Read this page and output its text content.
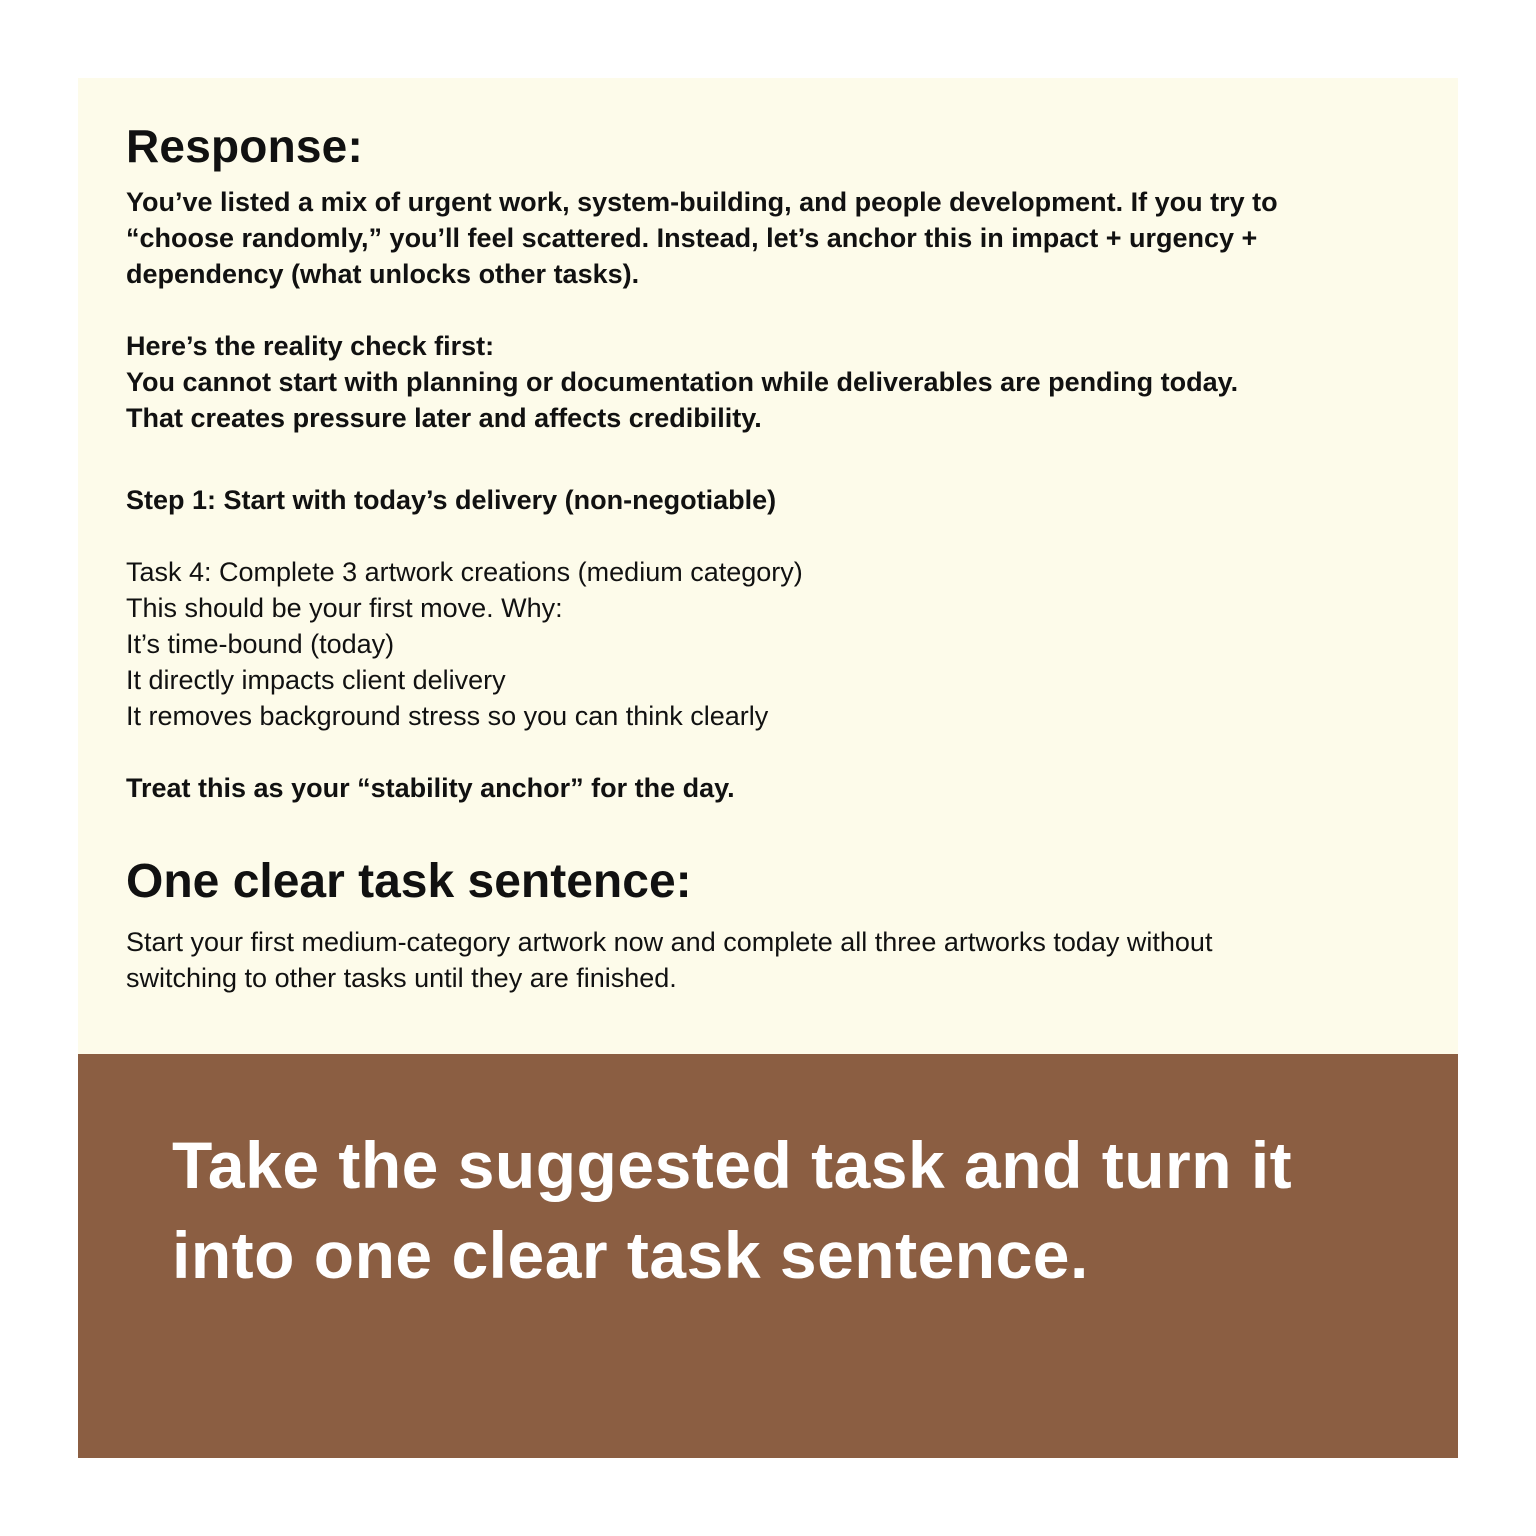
Response:

You’ve listed a mix of urgent work, system-building, and people development. If you try to
“choose randomly,” you’ll feel scattered. Instead, let’s anchor this in impact + urgency +
dependency (what unlocks other tasks).

Here’s the reality check first:
You cannot start with planning or documentation while deliverables are pending today.
That creates pressure later and affects credibility.

Step 1: Start with today’s delivery (non-negotiable)

Task 4: Complete 3 artwork creations (medium category)
This should be your first move. Why:
It’s time-bound (today)
It directly impacts client delivery
It removes background stress so you can think clearly

Treat this as your “stability anchor” for the day.

One clear task sentence:

Start your first medium-category artwork now and complete all three artworks today without
switching to other tasks until they are finished.

Take the suggested task and turn it
into one clear task sentence.
